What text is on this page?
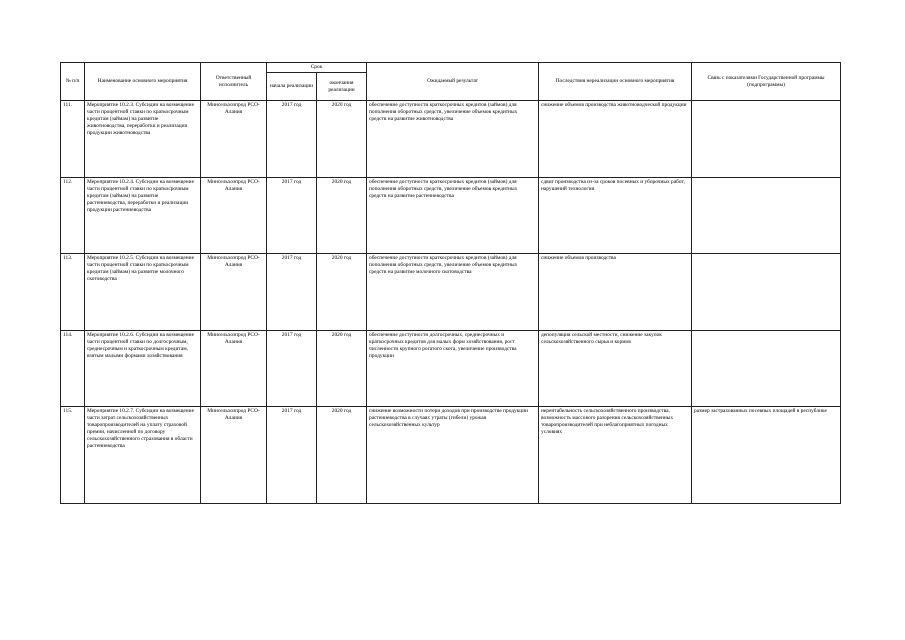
№ п/п	Наименование основного мероприятия	Ответственный исполнитель	Срок		Ожидаемый результат	Последствия нереализации основного мероприятия	Связь с показателями Государственной программы (подпрограммы)
			начала реализации	окончания реализации			
111.	Мероприятие 10.2.3. Субсидии на возмещение части процентной ставки по краткосрочным кредитам (займам) на развитие животноводства, переработки и реализации продукции животноводства	Минсельхозпрод РСО-Алания	2017 год	2020 год	обеспечение доступности краткосрочных кредитов (займов) для пополнения оборотных средств, увеличение объемов кредитных средств на развитие животноводства	снижение объемов производства животноводческой продукции	
112.	Мероприятие 10.2.4. Субсидии на возмещение части процентной ставки по краткосрочным кредитам (займам) на развитие растениеводства, переработки и реализации продукции растениеводства	Минсельхозпрод РСО-Алания	2017 год	2020 год	обеспечение доступности краткосрочных кредитов (займов) для пополнения оборотных средств, увеличение объемов кредитных средств на развитие растениеводства	сдвиг производства из-за сроков посевных и уборочных работ, нарушений технологии	
113.	Мероприятие 10.2.5. Субсидии на возмещение части процентной ставки по краткосрочным кредитам (займам) на развитие молочного скотоводства	Минсельхозпрод РСО-Алания	2017 год	2020 год	обеспечение доступности краткосрочных кредитов (займов) для пополнения оборотных средств, увеличение объемов кредитных средств на развитие молочного скотоводства	снижение объемов производства	
114.	Мероприятие 10.2.6. Субсидии на возмещение части процентной ставки по долгосрочным, среднесрочным и краткосрочным кредитам, взятым малыми формами хозяйствования	Минсельхозпрод РСО-Алания	2017 год	2020 год	обеспечение доступности долгосрочных, среднесрочных и краткосрочных кредитов для малых форм хозяйствования, рост численности крупного рогатого скота, увеличение производства продукции	депопуляция сельской местности, снижение закупок сельскохозяйственного сырья и кормов	
115.	Мероприятие 10.2.7. Субсидии на возмещение части затрат сельскохозяйственных товаропроизводителей на уплату страховой премии, начисленной по договору сельскохозяйственного страхования в области растениеводства	Минсельхозпрод РСО-Алания	2017 год	2020 год	снижение возможности потери доходов при производстве продукции растениеводства в случаях утраты (гибели) урожая сельскохозяйственных культур	нерентабельность сельскохозяйственного производства, возможность массового разорения сельскохозяйственных товаропроизводителей при неблагоприятных погодных условиях	размер застрахованных посевных площадей в республике
